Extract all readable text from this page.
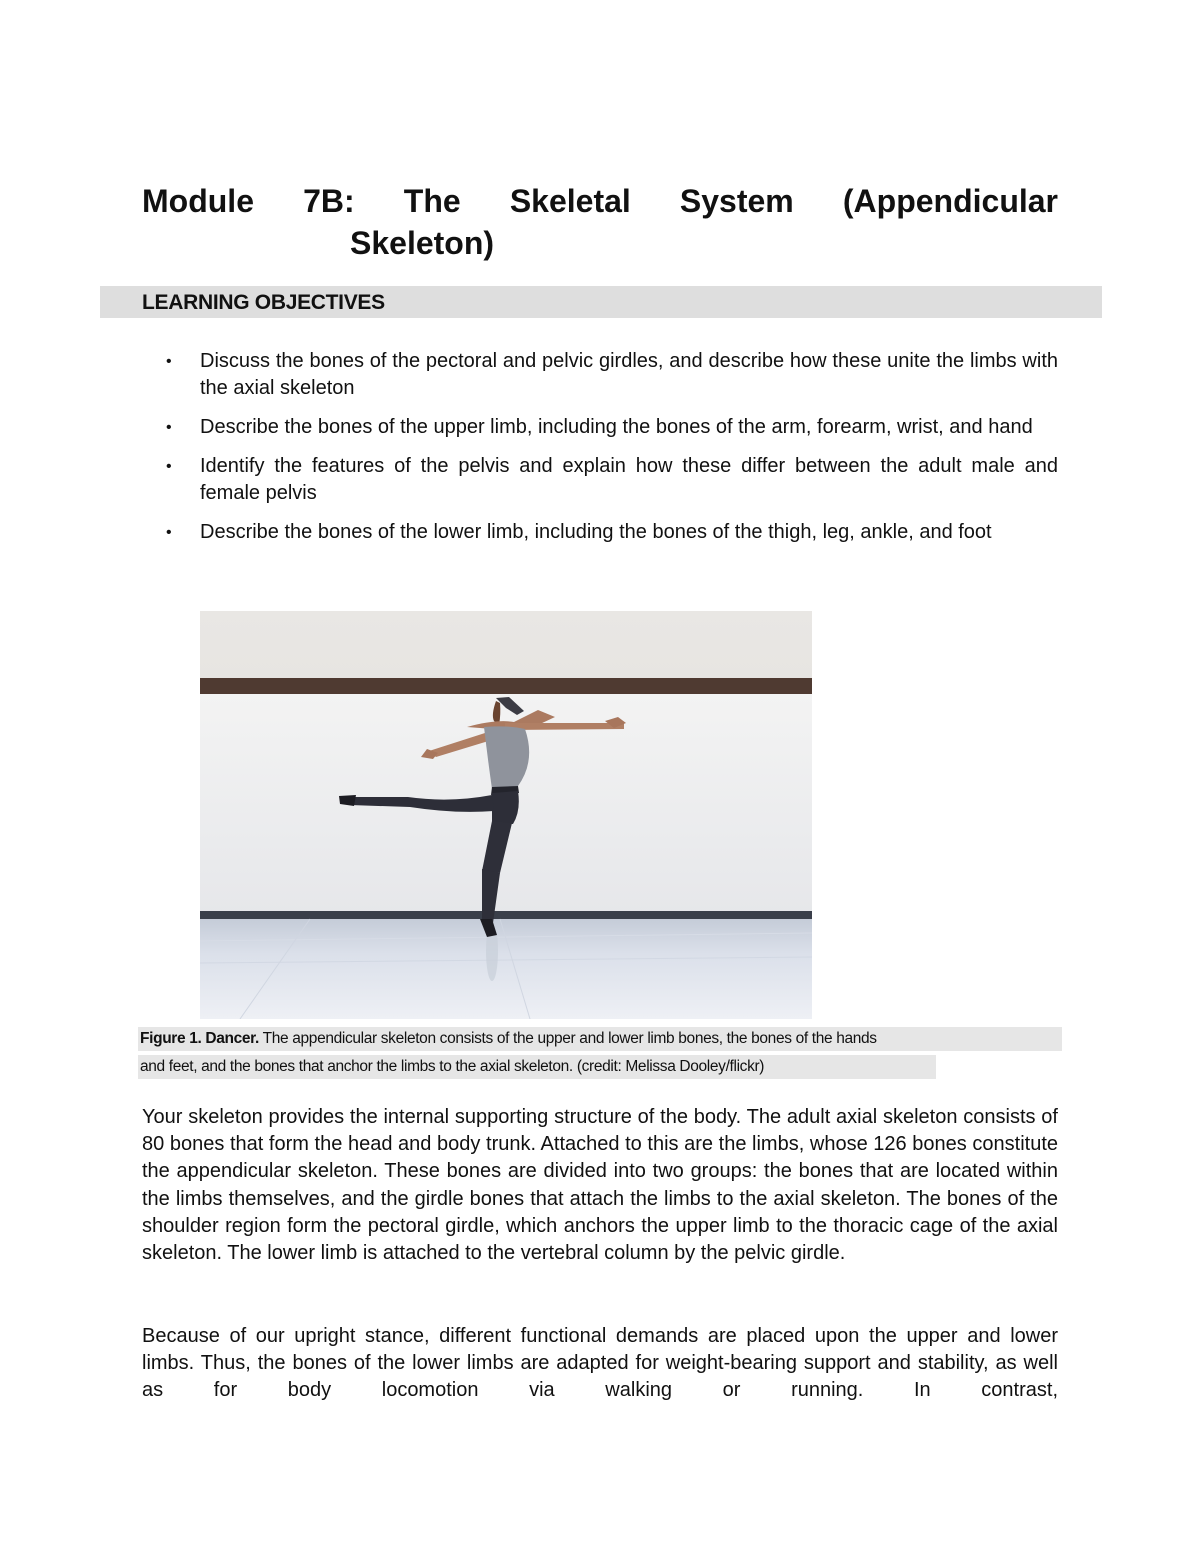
Module 7B: The Skeletal System (Appendicular
Skeleton)
LEARNING OBJECTIVES
• Discuss the bones of the pectoral and pelvic girdles, and describe how these unite the limbs with the axial skeleton
• Describe the bones of the upper limb, including the bones of the arm, forearm, wrist, and hand
• Identify the features of the pelvis and explain how these differ between the adult male and female pelvis
• Describe the bones of the lower limb, including the bones of the thigh, leg, ankle, and foot
Figure 1. Dancer. The appendicular skeleton consists of the upper and lower limb bones, the bones of the hands
and feet, and the bones that anchor the limbs to the axial skeleton. (credit: Melissa Dooley/flickr)

Your skeleton provides the internal supporting structure of the body. The adult axial skeleton consists of 80 bones that form the head and body trunk. Attached to this are the limbs, whose 126 bones constitute the appendicular skeleton. These bones are divided into two groups: the bones that are located within the limbs themselves, and the girdle bones that attach the limbs to the axial skeleton. The bones of the shoulder region form the pectoral girdle, which anchors the upper limb to the thoracic cage of the axial skeleton. The lower limb is attached to the vertebral column by the pelvic girdle.

Because of our upright stance, different functional demands are placed upon the upper and lower limbs. Thus, the bones of the lower limbs are adapted for weight-bearing support and stability, as well as for body locomotion via walking or running. In contrast,
